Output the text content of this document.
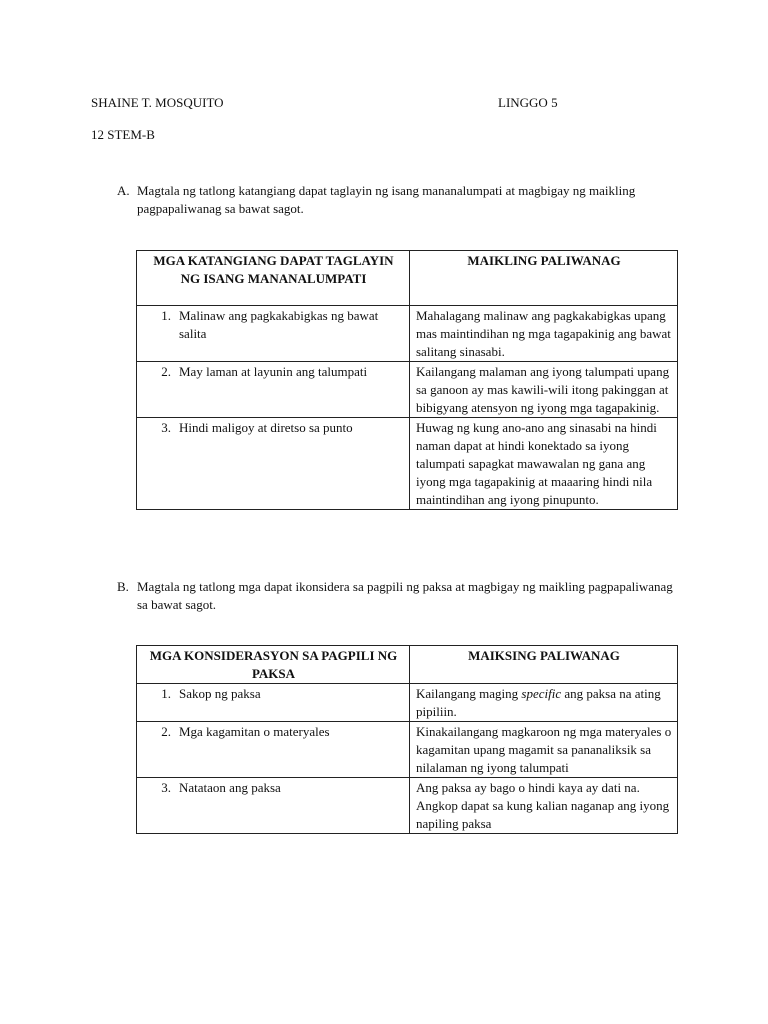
SHAINE T. MOSQUITO	LINGGO 5
12 STEM-B
A. Magtala ng tatlong katangiang dapat taglayin ng isang mananalumpati at magbigay ng maikling pagpapaliwanag sa bawat sagot.
MGA KATANGIANG DAPAT TAGLAYIN NG ISANG MANANALUMPATI	MAIKLING PALIWANAG

1. Malinaw ang pagkakabigkas ng bawat salita	Mahalagang malinaw ang pagkakabigkas upang mas maintindihan ng mga tagapakinig ang bawat salitang sinasabi.

2. May laman at layunin ang talumpati	Kailangang malaman ang iyong talumpati upang sa ganoon ay mas kawili-wili itong pakinggan at bibigyang atensyon ng iyong mga tagapakinig.

3. Hindi maligoy at diretso sa punto	Huwag ng kung ano-ano ang sinasabi na hindi naman dapat at hindi konektado sa iyong talumpati sapagkat mawawalan ng gana ang iyong mga tagapakinig at maaaring hindi nila maintindihan ang iyong pinupunto.
B. Magtala ng tatlong mga dapat ikonsidera sa pagpili ng paksa at magbigay ng maikling pagpapaliwanag sa bawat sagot.
MGA KONSIDERASYON SA PAGPILI NG PAKSA	MAIKSING PALIWANAG

1. Sakop ng paksa	Kailangang maging specific ang paksa na ating pipiliin.

2. Mga kagamitan o materyales	Kinakailangang magkaroon ng mga materyales o kagamitan upang magamit sa pananaliksik sa nilalaman ng iyong talumpati

3. Natataon ang paksa	Ang paksa ay bago o hindi kaya ay dati na. Angkop dapat sa kung kalian naganap ang iyong napiling paksa
